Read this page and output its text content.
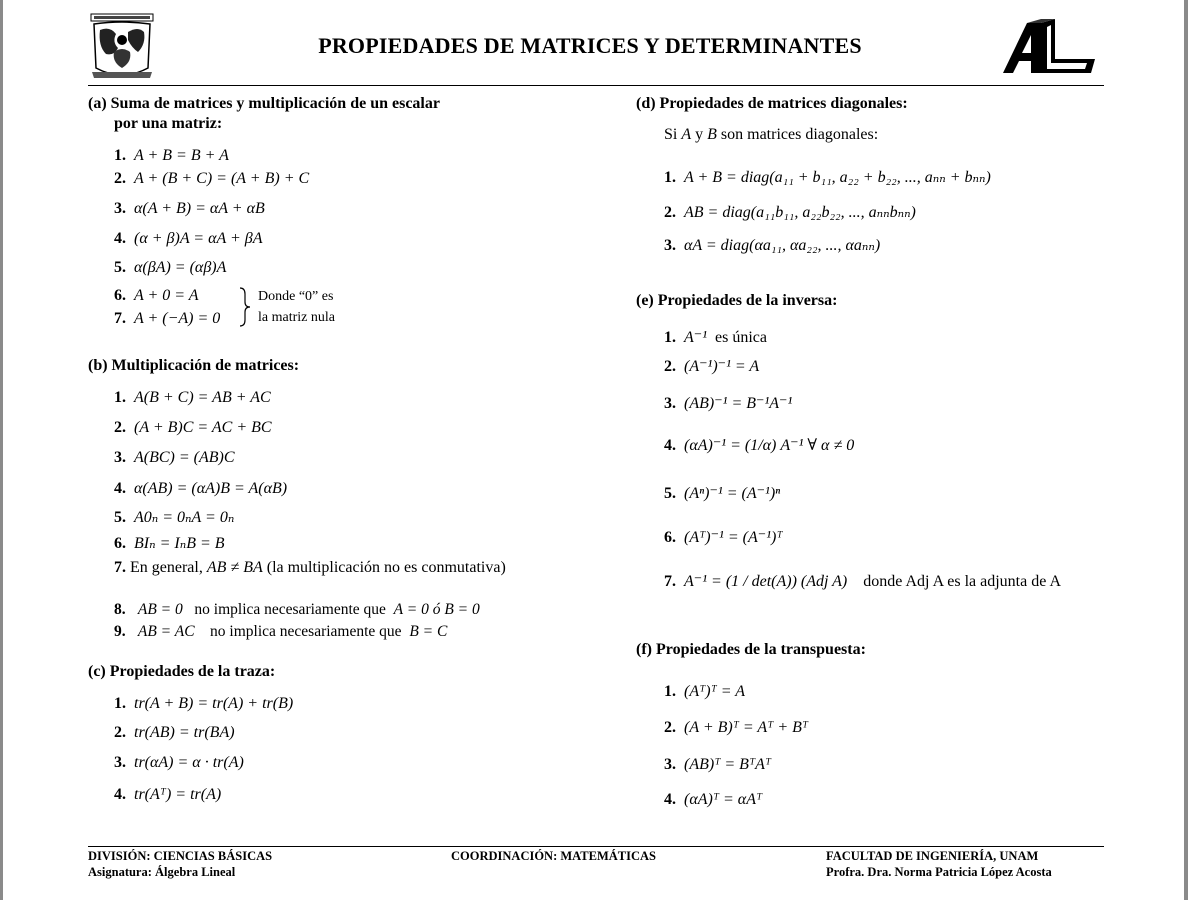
PROPIEDADES DE MATRICES Y DETERMINANTES
(a) Suma de matrices y multiplicación de un escalar
por una matriz:
1. A + B = B + A
2. A + (B + C) = (A + B) + C
3. α(A + B) = αA + αB
4. (α + β)A = αA + βA
5. α(βA) = (αβ)A
6. A + 0 = A
7. A + (−A) = 0
Donde “0” es
la matriz nula
(b) Multiplicación de matrices:
1. A(B + C) = AB + AC
2. (A + B)C = AC + BC
3. A(BC) = (AB)C
4. α(AB) = (αA)B = A(αB)
5. A0ₙ = 0ₙA = 0ₙ
6. BIₙ = IₙB = B
7. En general, AB ≠ BA (la multiplicación no es conmutativa)
8. AB = 0 no implica necesariamente que A = 0 ó B = 0
9. AB = AC no implica necesariamente que B = C
(c) Propiedades de la traza:
1. tr(A + B) = tr(A) + tr(B)
2. tr(AB) = tr(BA)
3. tr(αA) = α · tr(A)
4. tr(Aᵀ) = tr(A)
(d) Propiedades de matrices diagonales:
Si A y B son matrices diagonales:
1. A + B = diag(a₁₁ + b₁₁, a₂₂ + b₂₂, ..., aₙₙ + bₙₙ)
2. AB = diag(a₁₁b₁₁, a₂₂b₂₂, ..., aₙₙbₙₙ)
3. αA = diag(αa₁₁, αa₂₂, ..., αaₙₙ)
(e) Propiedades de la inversa:
1. A⁻¹ es única
2. (A⁻¹)⁻¹ = A
3. (AB)⁻¹ = B⁻¹A⁻¹
4. (αA)⁻¹ = (1/α) A⁻¹ ∀ α ≠ 0
5. (Aⁿ)⁻¹ = (A⁻¹)ⁿ
6. (Aᵀ)⁻¹ = (A⁻¹)ᵀ
7. A⁻¹ = (1 / det(A)) (Adj A) donde Adj A es la adjunta de A
(f) Propiedades de la transpuesta:
1. (Aᵀ)ᵀ = A
2. (A + B)ᵀ = Aᵀ + Bᵀ
3. (AB)ᵀ = BᵀAᵀ
4. (αA)ᵀ = αAᵀ
DIVISIÓN: CIENCIAS BÁSICAS
Asignatura: Álgebra Lineal
COORDINACIÓN: MATEMÁTICAS	FACULTAD DE INGENIERÍA, UNAM
Profra. Dra. Norma Patricia López Acosta
